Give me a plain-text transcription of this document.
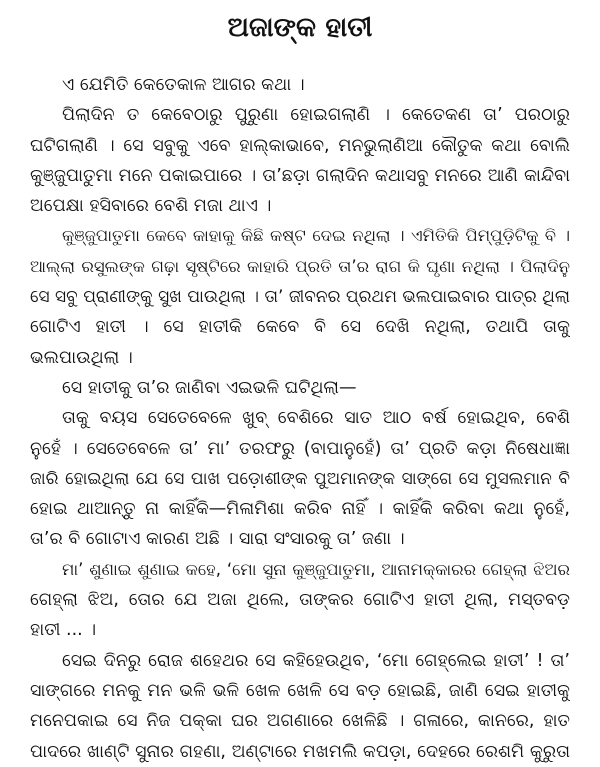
ଅଜାଙ୍କ ହାତୀ
ଏ ଯେମିତି କେତେକାଳ ଆଗର କଥା ।
ପିଲାଦିନ ତ କେବେଠାରୁ ପୁରୁଣା ହୋଇଗଲାଣି । କେତେକଣ ତା’ ପରଠାରୁ
ଘଟିଗଲାଣି । ସେ ସବୁକୁ ଏବେ ହାଲ୍‌କାଭାବେ, ମନଭୁଲାଣିଆ କୌତୁକ କଥା ବୋଲି
କୁଞ୍ଜୁପାତୁମା ମନେ ପକାଇପାରେ । ତା’ଛଡ଼ା ଗଲାଦିନ କଥାସବୁ ମନରେ ଆଣି କାନ୍ଦିବା
ଅପେକ୍ଷା ହସିବାରେ ବେଶି ମଜା ଥାଏ ।
କୁଞ୍ଜୁପାତୁମା କେବେ କାହାକୁ କିଛି କଷ୍ଟ ଦେଇ ନଥିଲା । ଏମିତିକି ପିମ୍ପୁଡ଼ିଟିକୁ ବି ।
ଆଲ୍ଲା ରସୁଲଙ୍କ ଗଢ଼ା ସୃଷ୍ଟିରେ କାହାରି ପ୍ରତି ତା’ର ରାଗ କି ଘୃଣା ନଥିଲା । ପିଲାଦିନୁ
ସେ ସବୁ ପ୍ରାଣୀଙ୍କୁ ସୁଖ ପାଉଥିଲା । ତା’ ଜୀବନର ପ୍ରଥମ ଭଲପାଇବାର ପାତ୍ର ଥିଲା
ଗୋଟିଏ ହାତୀ । ସେ ହାତୀକି କେବେ ବି ସେ ଦେଖି ନଥିଲା, ତଥାପି ତାକୁ
ଭଲପାଉଥିଲା ।
ସେ ହାତୀକୁ ତା’ର ଜାଣିବା ଏଇଭଳି ଘଟିଥିଲା—
ତାକୁ ବୟସ ସେତେବେଳେ ଖୁବ୍ ବେଶିରେ ସାତ ଆଠ ବର୍ଷ ହୋଇଥିବ, ବେଶି
ନୁହେଁ । ସେତେବେଳେ ତା’ ମା’ ତରଫରୁ (ବାପାନୁହେଁ) ତା’ ପ୍ରତି କଡ଼ା ନିଷେଧାଜ୍ଞା
ଜାରି ହୋଇଥିଲା ଯେ ସେ ପାଖ ପଡ଼ୋଶୀଙ୍କ ପୁଅମାନଙ୍କ ସାଙ୍ଗେ ସେ ମୁସଲମାନ ବି
ହୋଇ ଥାଆନ୍ତୁ ନା କାହିଁକି—ମିଳାମିଶା କରିବ ନାହିଁ । କାହିଁକି କରିବା କଥା ନୁହେଁ,
ତା’ର ବି ଗୋଟାଏ କାରଣ ଅଛି । ସାରା ସଂସାରକୁ ତା’ ଜଣା ।
ମା’ ଶୁଣାଇ ଶୁଣାଇ କହେ, ‘ମୋ ସୁନା କୁଞ୍ଜୁପାତୁମା, ଆନାମକ୍କାରର ଗେହ୍ଲା ଝିଅର
ଗେହ୍ଲା ଝିଅ, ତୋର ଯେ ଅଜା ଥିଲେ, ତାଙ୍କର ଗୋଟିଏ ହାତୀ ଥିଲା, ମସ୍ତବଡ଼
ହାତୀ ... ।
ସେଇ ଦିନରୁ ରୋଜ ଶହେଥର ସେ କହିହେଉଥିବ, ‘ମୋ ଗେହ୍ଲେଇ ହାତୀ’ ! ତା’
ସାଙ୍ଗରେ ମନକୁ ମନ ଭଳି ଭଳି ଖେଳ ଖେଳି ସେ ବଡ଼ ହୋଇଛି, ଜାଣି ସେଇ ହାତୀକୁ
ମନେପକାଇ ସେ ନିଜ ପକ୍କା ଘର ଅଗଣାରେ ଖେଳିଛି । ଗଳାରେ, କାନରେ, ହାତ
ପାଦରେ ଖାଣ୍ଟି ସୁନାର ଗହଣା, ଅଣ୍ଟାରେ ମଖମଲି କପଡ଼ା, ଦେହରେ ରେଶମି କୁରୁତା
